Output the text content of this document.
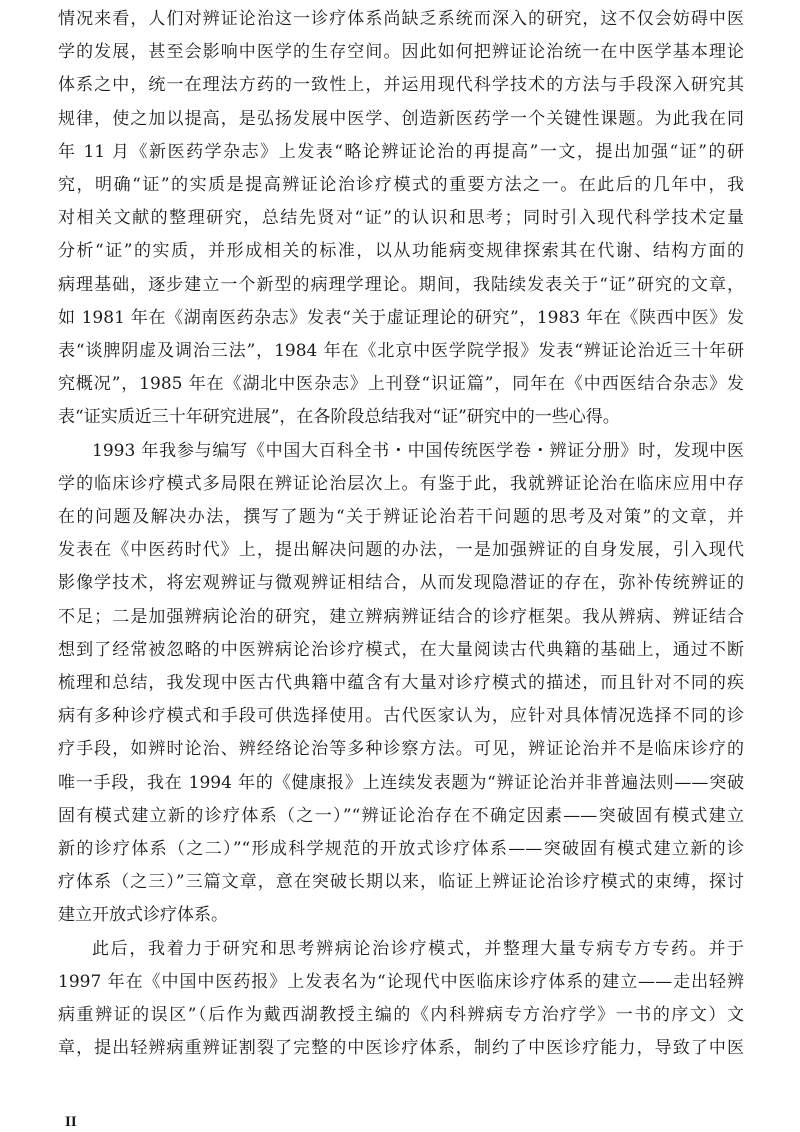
情况来看，人们对辨证论治这一诊疗体系尚缺乏系统而深入的研究，这不仅会妨碍中医
学的发展，甚至会影响中医学的生存空间。因此如何把辨证论治统一在中医学基本理论
体系之中，统一在理法方药的一致性上，并运用现代科学技术的方法与手段深入研究其
规律，使之加以提高，是弘扬发展中医学、创造新医药学一个关键性课题。为此我在同
年 11 月《新医药学杂志》上发表“略论辨证论治的再提高”一文，提出加强“证”的研
究，明确“证”的实质是提高辨证论治诊疗模式的重要方法之一。在此后的几年中，我
对相关文献的整理研究，总结先贤对“证”的认识和思考；同时引入现代科学技术定量
分析“证”的实质，并形成相关的标准，以从功能病变规律探索其在代谢、结构方面的
病理基础，逐步建立一个新型的病理学理论。期间，我陆续发表关于“证”研究的文章，
如 1981 年在《湖南医药杂志》发表“关于虚证理论的研究”，1983 年在《陕西中医》发
表“谈脾阴虚及调治三法”，1984 年在《北京中医学院学报》发表“辨证论治近三十年研
究概况”，1985 年在《湖北中医杂志》上刊登“识证篇”，同年在《中西医结合杂志》发
表“证实质近三十年研究进展”，在各阶段总结我对“证”研究中的一些心得。
1993 年我参与编写《中国大百科全书・中国传统医学卷・辨证分册》时，发现中医
学的临床诊疗模式多局限在辨证论治层次上。有鉴于此，我就辨证论治在临床应用中存
在的问题及解决办法，撰写了题为“关于辨证论治若干问题的思考及对策”的文章，并
发表在《中医药时代》上，提出解决问题的办法，一是加强辨证的自身发展，引入现代
影像学技术，将宏观辨证与微观辨证相结合，从而发现隐潜证的存在，弥补传统辨证的
不足；二是加强辨病论治的研究，建立辨病辨证结合的诊疗框架。我从辨病、辨证结合
想到了经常被忽略的中医辨病论治诊疗模式，在大量阅读古代典籍的基础上，通过不断
梳理和总结，我发现中医古代典籍中蕴含有大量对诊疗模式的描述，而且针对不同的疾
病有多种诊疗模式和手段可供选择使用。古代医家认为，应针对具体情况选择不同的诊
疗手段，如辨时论治、辨经络论治等多种诊察方法。可见，辨证论治并不是临床诊疗的
唯一手段，我在 1994 年的《健康报》上连续发表题为“辨证论治并非普遍法则——突破
固有模式建立新的诊疗体系（之一）”“辨证论治存在不确定因素——突破固有模式建立
新的诊疗体系（之二）”“形成科学规范的开放式诊疗体系——突破固有模式建立新的诊
疗体系（之三）”三篇文章，意在突破长期以来，临证上辨证论治诊疗模式的束缚，探讨
建立开放式诊疗体系。
此后，我着力于研究和思考辨病论治诊疗模式，并整理大量专病专方专药。并于
1997 年在《中国中医药报》上发表名为“论现代中医临床诊疗体系的建立——走出轻辨
病重辨证的误区”（后作为戴西湖教授主编的《内科辨病专方治疗学》一书的序文）文
章，提出轻辨病重辨证割裂了完整的中医诊疗体系，制约了中医诊疗能力，导致了中医
II
